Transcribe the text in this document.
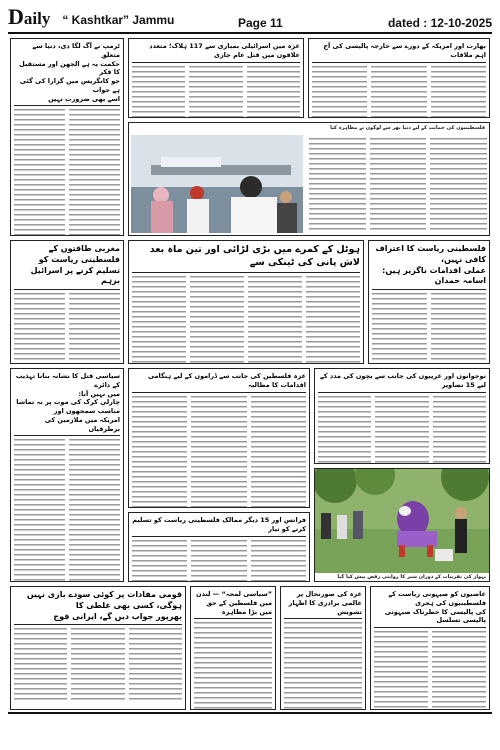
Daily “ Kashtkar” Jammu	Page 11	dated : 12-10-2025
ٹرمپ نے آگ لگا دی، دنیا سے متعلق
حکمت یہ ہے الجھن اور مستقبل کا فکر
جو کانگریس میں گزارا کی گئی ہے جواب
اسے بھی ضرورت نہیں
غزہ میں اسرائیلی بمباری سے 117 ہلاک؛ متعدد علاقوں میں قتل عام جاری
بھارت اور امریکہ کے دورے سے خارجہ پالیسی کی آج اہم ملاقات
فلسطینیوں کی حمایت کے لیے دنیا بھر سے لوگوں نے مظاہرہ کیا
مغربی طاقتوں کے فلسطینی ریاست کو
تسلیم کرنے پر اسرائیل برہم
ہوٹل کے کمرے میں بڑی لڑائی اور تین ماہ بعد لاش پانی کی ٹینکی سے
فلسطینی ریاست کا اعتراف کافی نہیں،
عملی اقدامات ناگزیر ہیں: اسامہ حمدان
سیاسی قتل کا نشانہ بنانا تہذیب کے دائرے
میں نہیں آتا:
چارلی کرک کی موت پر نہ تماشا مناسب سمجھوں اور
امریکہ میں ملازمین کی برطرفیاں
غزہ فلسطین کی جانب سے ڈراموں کے لیے ہنگامی اقدامات کا مطالبہ
نوجوانوں اور غریبوں کی جانب سے بچوں کی مدد کے لیے 15 تصاویر
تہوار کی تقریبات کے دوران شیر کا روایتی رقص پیش کیا گیا
فرانس اور 15 دیگر ممالک فلسطینی ریاست کو تسلیم کرنے کو تیار
قومی مفادات پر کوئی سودے بازی نہیں ہوگی، کسی بھی غلطی کا
بھرپور جواب دیں گے، ایرانی فوج
”سیاسی لمحہ“ — لندن میں فلسطین کے حق میں بڑا مظاہرہ
غزہ کی صورتحال پر عالمی برادری کا اظہار تشویش
غاصبوں کو صیہونی ریاست کے فلسطینیوں کی ہجری
کی پالیسی کا خطرناک صیہونی پالیسی تسلسل
